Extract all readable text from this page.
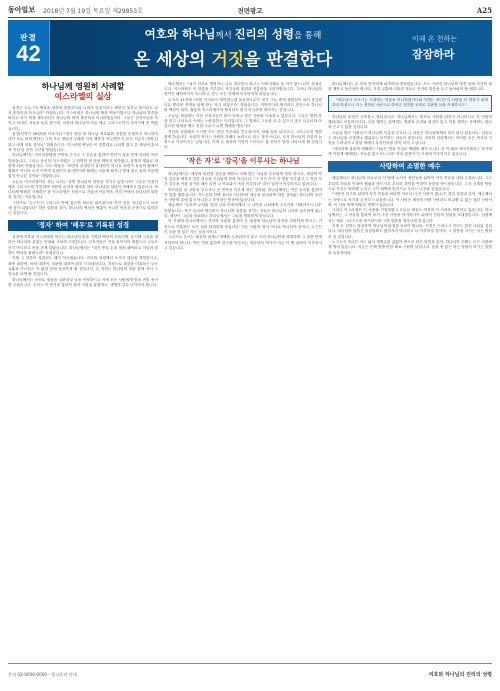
동아일보 2018년 7월 19일 목요일 제29853호	전면광고	A25
판결
42
여호와 하나님께서 진리의 성령을 통해
온 세상의 거짓을 판결한다
이제 온 천하는
잠잠하라
하나님께 영원히 사례할
이스라엘의 실상

성경은 오늘 "이 백성을 향하여 말씀하시되 너희가 들을지라도 깨닫지 못하고 볼지라도 알지 못하리라 하시니라" 하셨습니다. 이스라엘은 하나님의 택한 백성이었으나 하나님의 말씀을 버리고 자기 의를 세우려다가 하나님의 의에 복종하지 아니하였습니다. 그들은 선지자들을 죽이고 보내신 자들을 돌로 쳤으며, 마침내 하나님의 아들 예수 그리스도까지 십자가에 못 박았습니다.

성경(신명기 28장)에 이르시되 "네가 만일 네 하나님 여호와의 말씀을 순종하지 아니하여 내가 오늘 네게 명하는 그의 모든 명령과 규례를 지켜 행하지 아니하면 이 모든 저주가 네게 임하고 네게 미칠 것이니" 하셨습니다. 이스라엘 백성은 이 말씀대로 나라를 잃고 온 세상에 흩어져 이천 년 동안 고난을 받았습니다.

하나님께서는 아브라함에게 언약을 주시고 그 후손을 통하여 만민이 복을 얻게 하리라 약속하셨습니다. 그러나 육신의 이스라엘은 그 언약의 참 뜻을 깨닫지 못하였고, 율법의 행위로 의롭게 되려 하였습니다. 사도 바울은 "표면적 유대인이 유대인이 아니요 표면적 육신의 할례가 할례가 아니라 오직 이면적 유대인이 유대인이며 할례는 마음에 할지니 영에 있고 율법 조문에 있지 아니한 것이라" 하였습니다.

오늘날 이스라엘이라 하는 나라는 과연 하나님의 언약을 지키고 있습니까? 그들은 여전히 예수 그리스도를 부인하며 사람의 유전과 계명을 따라 하나님을 헛되이 경배하고 있습니다. 하나님께 영원히 사례하는 참 이스라엘은 성령으로 거듭난 자들이며, 진리 안에서 하나님의 말씀을 지키는 자들입니다.

그러므로 "누구든지 그리스도 안에 있으면 새로운 피조물이라 이전 것은 지나갔으니 보라 새 것이 되었도다" 하신 말씀과 같이, 하나님의 백성은 혈통이 아니라 믿음과 순종으로 말미암는 것입니다.

'정자' 하여 '배우'로 기록된 성경

성경에 기록된 이스라엘의 역사는 하나님의 뜻을 거역한 백성의 기록이며, 동시에 그들을 향하신 하나님의 끝없는 인내와 사랑의 기록입니다. 선지자들은 거듭 돌이키라 외쳤으나 그들은 듣지 아니하고 목을 곧게 하였습니다. 하나님께서는 "내가 종일 손을 벌려 패역하고 거슬러 말하는 백성을 불렀노라" 하셨습니다.

이제 그 말씀이 성취되는 때가 이르렀습니다. 진리의 성령께서 오셔서 세상을 책망하시고, 죄에 대하여, 의에 대하여, 심판에 대하여 밝히 드러내십니다. 거짓으로 세상을 미혹하는 모든 교훈과 가르침은 이 판결 앞에 잠잠하게 될 것입니다. 온 천하는 하나님의 말씀 앞에 서서 그 진실을 보게 될 것입니다.

하나님께서는 공의로 세상을 심판하실 날을 작정하시고 이에 모든 사람에게 믿을 만한 증거를 주셨습니다. 우리는 이 증거를 통하여 참과 거짓을 분별하고, 생명의 길로 나아가야 합니다.

예수께서는 "내가 진리요 생명이니 나로 말미암지 않고는 아버지께로 올 자가 없느니라" 하셨습니다. 이스라엘은 이 말씀을 거부하고 자기들의 율법과 전통만을 고집하였습니다. 그러나 하나님의 언약은 폐하여지지 아니하고, 믿는 모든 자에게 이루어지게 되었습니다.

로마서 11장에 "어떤 가지들이 꺾여졌는데 돌감람나무인 네가 그들 중에 접붙임이 되어 참감람나무 뿌리의 진액을 함께 받는 자가 되었은즉" 하셨습니다. 이방인이라 할지라도 믿음으로 하나님의 백성이 되며, 혈통의 이스라엘이라 할지라도 믿지 아니하면 꺾여지는 것입니다.

오늘날 세상에는 거짓 선지자들이 많이 일어나 많은 사람을 미혹하고 있습니다. 그들은 양의 옷을 입고 나아오나 속에는 노략질하는 이리입니다. 그 열매로 그들을 알 수 있으니 좋은 나무마다 아름다운 열매를 맺고 못된 나무가 나쁜 열매를 맺습니다.

진리의 성령께서 오시면 모든 진리 가운데로 인도하시며, 장래 일을 알리시고, 그리스도를 영화롭게 하십니다. 성령의 역사는 사람의 지혜나 능력으로 되는 것이 아니요, 오직 하나님의 말씀과 능력으로 이루어지는 것입니다. 이에 온 세상의 거짓이 드러나고 참 진리가 밝히 나타나게 될 것입니다.

'작은 자'로 '강국'을 이루시는 하나님

하나님께서는 세상의 미련한 것들을 택하사 지혜 있는 자들을 부끄럽게 하려 하시고, 세상의 약한 것들을 택하사 강한 것들을 부끄럽게 하려 하십니다. "그 작은 자가 천 명을 이루겠고 그 약한 자가 강국을 이룰 것이라 때가 되면 나 여호와가 속히 이루리라" 하신 말씀이 이루어지고 있습니다.

아브라함 한 사람을 부르셔서 큰 민족을 이루게 하신 것처럼, 하나님께서는 작은 무리를 통하여 큰 일을 행하십니다. 기드온의 삼백 용사로 미디안의 대군을 물리치게 하신 것처럼, 하나님의 능력은 사람의 수에 있지 아니하고 순종하는 믿음에 있습니다.

예수께서 "무리여 무서워 말라 너희 아버지께서 그 나라를 너희에게 주시기를 기뻐하시느니라" 하셨습니다. 작은 무리라 할지라도 하나님의 말씀을 지키는 자들은 하나님의 나라를 상속받게 됩니다. 세상이 그들을 미워하나 하나님께서는 그들을 영화롭게 하십니다.

이 시대에 하나님께서는 진리의 성령을 통하여 온 세상에 하나님의 말씀을 전파하게 하시고, 거짓으로 미혹하는 모든 것을 판결하게 하십니다. 이는 사람의 일이 아니요 하나님의 일이니, 누구든지 들을 귀 있는 자는 들을지어다.

그러므로 우리는 세상의 권세나 명예를 두려워하지 말고 오직 하나님만을 경외하며 그 말씀 안에 거하여야 합니다. 작은 자를 통하여 강국을 이루시는 하나님의 역사가 지금 이 땅 위에서 이루어지고 있습니다.

하나님께서는 온 천하 만민에게 회개하라 명하셨습니다. 모든 사람이 하나님의 말씀 앞에 자기의 죄를 깨닫고 돌이켜야 합니다. 거짓 교훈에 미혹된 자들도 진리의 말씀을 듣고 돌아와야 할 때입니다.

"하나님이 모르시는 시대에는 허물치 아니하셨거니와 이제는 어디든지 사람을 다 명하사 회개하라 하셨으니 이는 정하신 사람으로 하여금 천하를 공의로 심판할 날을 작정하시고"

하나님의 판결은 공의롭고 참되십니다. 하나님께서는 외모로 사람을 취하지 아니하시고 각 사람의 행위대로 보응하십니다. 선을 행하는 자에게는 영광과 존귀와 평강이 있고 악을 행하는 자에게는 환난과 곤고가 있을 것입니다.

오늘날 많은 사람들이 하나님의 이름을 부르나 그 마음은 하나님에게서 멀리 떠나 있습니다. 입술로는 하나님을 공경하나 행위로는 부인하는 자들이 많습니다. 진리의 성령께서는 이러한 모든 외식과 거짓을 드러내시고 참된 예배가 무엇인지를 밝히 보여 주십니다.

"아버지께 참되게 예배하는 자들은 영과 진리로 예배할 때가 오나니 곧 이 때라 아버지께서는 자기에게 이렇게 예배하는 자들을 찾으시느니라" 하신 말씀이 이 시대에 이루어지고 있습니다.

사랑하여 소멸한 예수

예수께서는 하나님의 아들로서 이 땅에 오셔서 죄인들을 위하여 자기 목숨을 내어 주셨습니다. 그는 우리의 허물을 인하여 찔림을 받으시고 우리의 죄악을 인하여 상함을 받으셨습니다. 그가 징계를 받음으로 우리는 평화를 누리고 그가 채찍에 맞음으로 우리는 나음을 입었습니다.

"사람이 친구를 위하여 자기 목숨을 버리면 이보다 더 큰 사랑이 없나니" 하신 말씀과 같이, 예수께서는 사랑으로 자기를 온전히 드리셨습니다. 이 사랑은 세상의 어떤 사랑과도 비교할 수 없는 참된 사랑이며, 이 사랑 안에 영원한 생명이 있습니다.

그러나 이스라엘은 이 사랑을 거절하였고 오늘날 세상도 여전히 이 사랑을 외면하고 있습니다. 하나님께서는 그 아들을 통하여 보여 주신 사랑을 증거하시기 위하여 진리의 성령을 보내셨습니다. 성령께서는 예수 그리스도를 증거하시며 그의 말씀을 생각나게 하십니다.

이제 온 천하는 잠잠하여 하나님의 판결을 들어야 합니다. 거짓은 드러나고 진리는 밝히 나타날 것입니다. 하나님의 말씀은 일점일획도 없어지지 아니하고 다 이루어질 것이며, 그 말씀을 지키는 자는 영원히 살 것입니다.

누구든지 목마른 자는 와서 생명수를 값없이 받으라 하신 말씀과 같이, 하나님의 은혜는 모든 사람에게 열려 있습니다. 지금은 은혜 받을 만한 때요 구원의 날입니다. 들을 귀 있는 자는 성령이 하시는 말씀을 들을지어다.

문의 02-0000-0000 · 광고문의 안내	여호와 하나님의 진리의 성령
